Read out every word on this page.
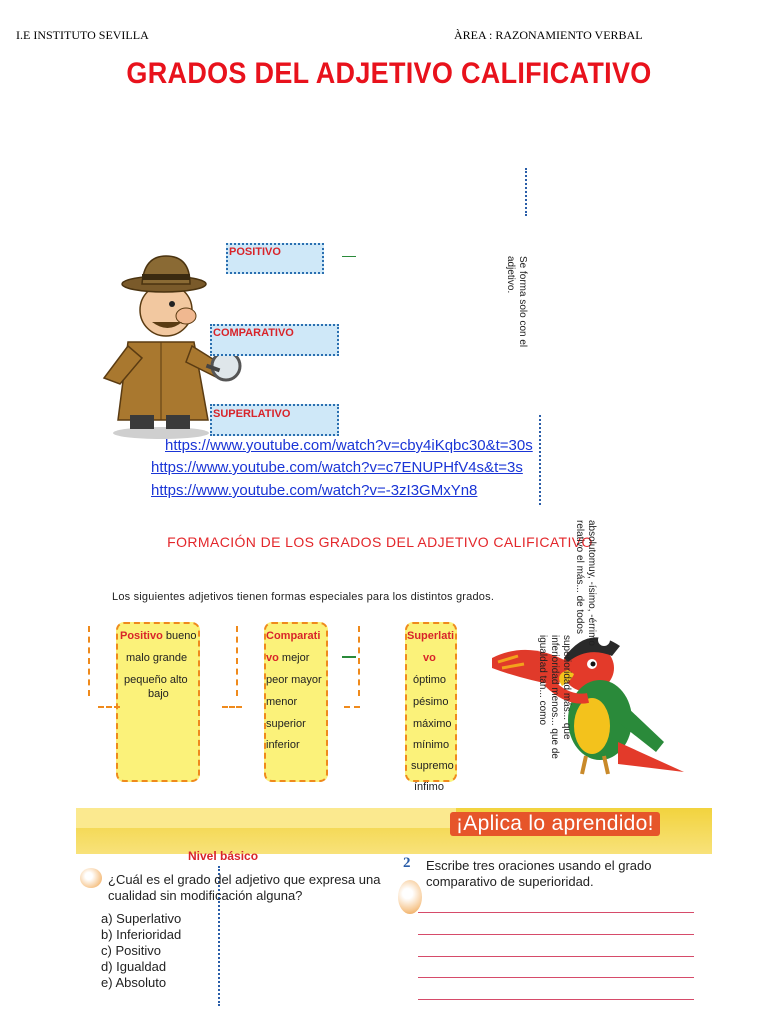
I.E INSTITUTO SEVILLA	ÀREA : RAZONAMIENTO VERBAL
GRADOS DEL ADJETIVO CALIFICATIVO
POSITIVO
COMPARATIVO
SUPERLATIVO
Se forma solo con el adjetivo.
https://www.youtube.com/watch?v=cby4iKqbc30&t=30s
https://www.youtube.com/watch?v=c7ENUPHfV4s&t=3s
https://www.youtube.com/watch?v=-3zI3GMxYn8
FORMACIÓN DE LOS GRADOS DEL ADJETIVO CALIFICATIVO
Los siguientes adjetivos tienen formas especiales para los distintos grados.
Positivo bueno
malo grande
pequeño alto
bajo
Comparati
vo mejor
peor mayor
menor
superior
inferior
Superlati
vo
óptimo
pésimo
máximo
mínimo
supremo
ínfimo
absolutomuy, -ísimo, -érrimo relativo el más... de todos
superioridad más... que inferioridad menos... que de igualdad tan... como
¡Aplica lo aprendido!
Nivel básico
¿Cuál es el grado del adjetivo que expresa una cualidad sin modificación alguna?
a) Superlativo
b) Inferioridad
c) Positivo
d) Igualdad
e) Absoluto
2 Escribe tres oraciones usando el grado comparativo de superioridad.
